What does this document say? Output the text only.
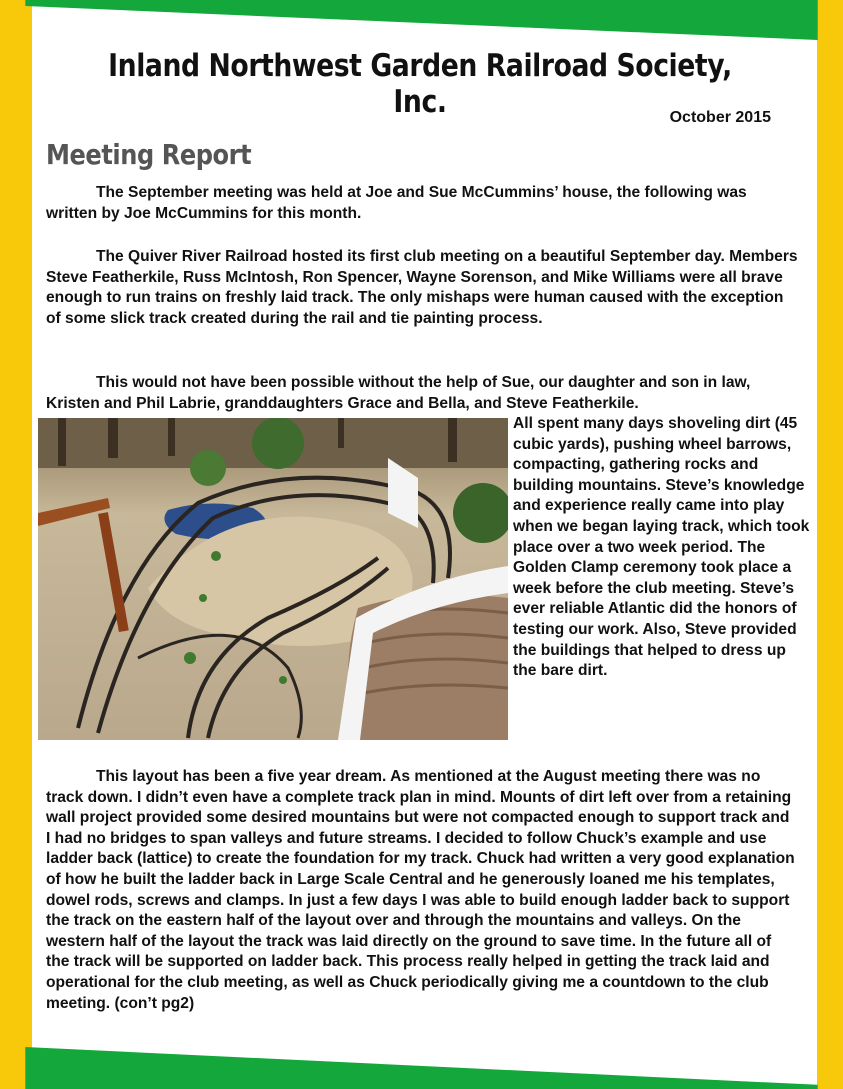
Inland Northwest Garden Railroad Society, Inc.	October 2015
Meeting Report

The September meeting was held at Joe and Sue McCummins’ house, the following was written by Joe McCummins for this month.

The Quiver River Railroad hosted its first club meeting on a beautiful September day. Members Steve Featherkile, Russ McIntosh, Ron Spencer, Wayne Sorenson, and Mike Williams were all brave enough to run trains on freshly laid track. The only mishaps were human caused with the exception of some slick track created during the rail and tie painting process.

This would not have been possible without the help of Sue, our daughter and son in law, Kristen and Phil Labrie, granddaughters Grace and Bella, and Steve Featherkile.

All spent many days shoveling dirt (45 cubic yards), pushing wheel barrows, compacting, gathering rocks and building mountains. Steve’s knowledge and experience really came into play when we began laying track, which took place over a two week period. The Golden Clamp ceremony took place a week before the club meeting. Steve’s ever reliable Atlantic did the honors of testing our work. Also, Steve provided the buildings that helped to dress up the bare dirt.

This layout has been a five year dream. As mentioned at the August meeting there was no track down. I didn’t even have a complete track plan in mind. Mounts of dirt left over from a retaining wall project provided some desired mountains but were not compacted enough to support track and I had no bridges to span valleys and future streams. I decided to follow Chuck’s example and use ladder back (lattice) to create the foundation for my track. Chuck had written a very good explanation of how he built the ladder back in Large Scale Central and he generously loaned me his templates, dowel rods, screws and clamps. In just a few days I was able to build enough ladder back to support the track on the eastern half of the layout over and through the mountains and valleys. On the western half of the layout the track was laid directly on the ground to save time. In the future all of the track will be supported on ladder back. This process really helped in getting the track laid and operational for the club meeting, as well as Chuck periodically giving me a countdown to the club meeting. (con’t pg2)
